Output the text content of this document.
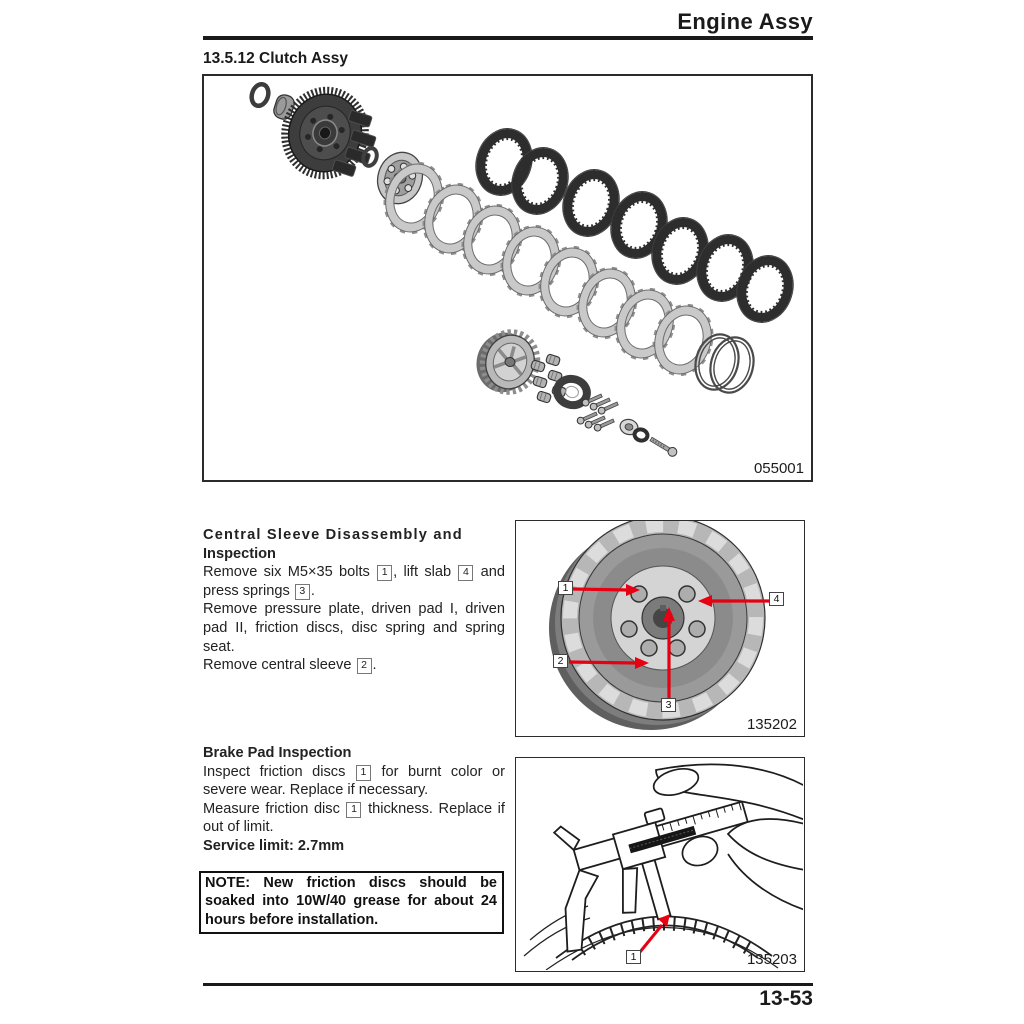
Engine Assy
13.5.12 Clutch Assy
055001
Central Sleeve Disassembly and
Inspection

Remove six M5×35 bolts 1 , lift slab 4 and press springs 3 .

Remove pressure plate, driven pad I, driven pad II, friction discs, disc spring and spring seat.

Remove central sleeve 2 .

1
4
2
3
135202
Brake Pad Inspection

Inspect friction discs 1 for burnt color or severe wear. Replace if necessary.

Measure friction disc 1 thickness. Replace if out of limit.

Service limit: 2.7mm
NOTE: New friction discs should be soaked into 10W/40 grease for about 24 hours before installation.
1	135203
13-53
